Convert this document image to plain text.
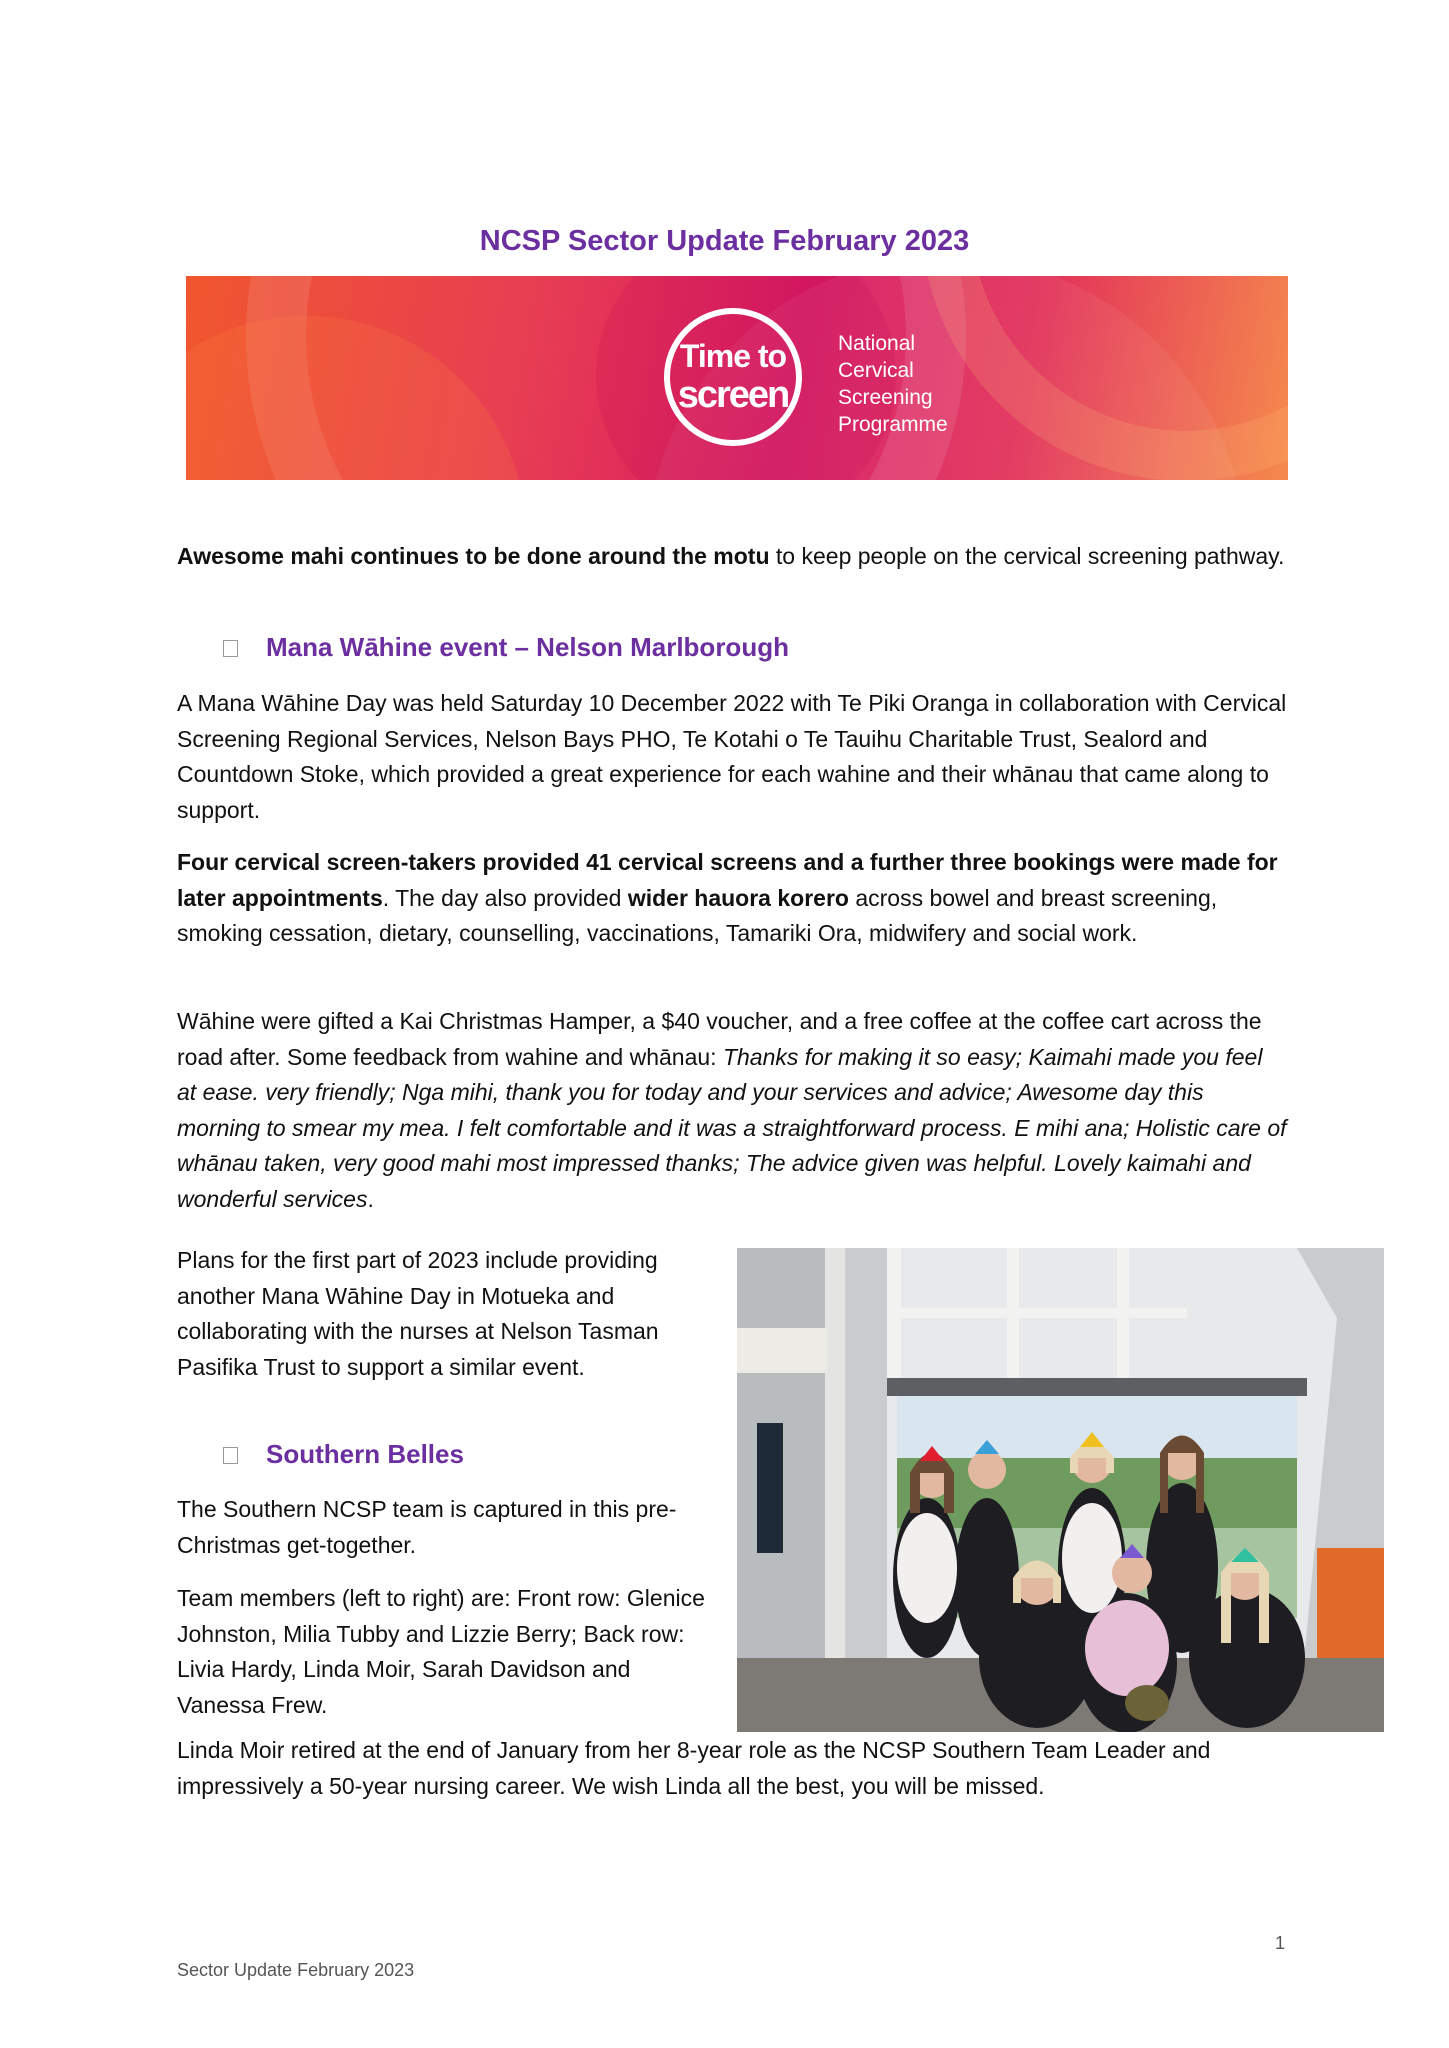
NCSP Sector Update February 2023
Time to
screen
National
Cervical
Screening
Programme

Awesome mahi continues to be done around the motu to keep people on the cervical screening pathway.

Mana Wāhine event – Nelson Marlborough

A Mana Wāhine Day was held Saturday 10 December 2022 with Te Piki Oranga in collaboration with Cervical Screening Regional Services, Nelson Bays PHO, Te Kotahi o Te Tauihu Charitable Trust, Sealord and Countdown Stoke, which provided a great experience for each wahine and their whānau that came along to support.

Four cervical screen-takers provided 41 cervical screens and a further three bookings were made for later appointments. The day also provided wider hauora korero across bowel and breast screening, smoking cessation, dietary, counselling, vaccinations, Tamariki Ora, midwifery and social work.

Wāhine were gifted a Kai Christmas Hamper, a $40 voucher, and a free coffee at the coffee cart across the road after. Some feedback from wahine and whānau: Thanks for making it so easy; Kaimahi made you feel at ease. very friendly; Nga mihi, thank you for today and your services and advice; Awesome day this morning to smear my mea. I felt comfortable and it was a straightforward process. E mihi ana; Holistic care of whānau taken, very good mahi most impressed thanks; The advice given was helpful. Lovely kaimahi and wonderful services.

Plans for the first part of 2023 include providing another Mana Wāhine Day in Motueka and collaborating with the nurses at Nelson Tasman Pasifika Trust to support a similar event.

Southern Belles

The Southern NCSP team is captured in this pre-Christmas get-together.

Team members (left to right) are: Front row: Glenice Johnston, Milia Tubby and Lizzie Berry; Back row: Livia Hardy, Linda Moir, Sarah Davidson and Vanessa Frew.

Linda Moir retired at the end of January from her 8-year role as the NCSP Southern Team Leader and impressively a 50-year nursing career. We wish Linda all the best, you will be missed.

1
Sector Update February 2023
